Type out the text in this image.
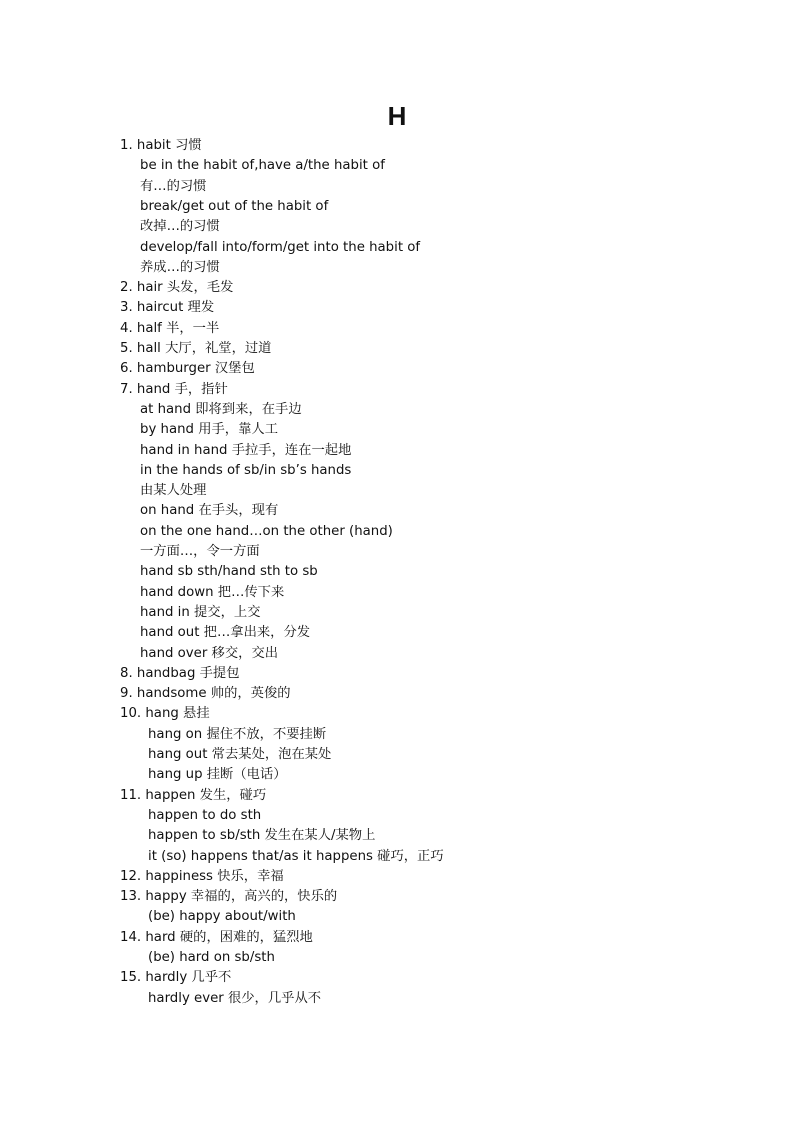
H
1. habit 习惯
be in the habit of,have a/the habit of
有…的习惯
break/get out of the habit of
改掉…的习惯
develop/fall into/form/get into the habit of
养成…的习惯
2. hair 头发，毛发
3. haircut 理发
4. half 半，一半
5. hall 大厅，礼堂，过道
6. hamburger 汉堡包
7. hand 手，指针
at hand 即将到来，在手边
by hand 用手，靠人工
hand in hand 手拉手，连在一起地
in the hands of sb/in sb’s hands
由某人处理
on hand 在手头，现有
on the one hand…on the other (hand)
一方面…，令一方面
hand sb sth/hand sth to sb
hand down 把…传下来
hand in 提交，上交
hand out 把…拿出来，分发
hand over 移交，交出
8. handbag 手提包
9. handsome 帅的，英俊的
10. hang 悬挂
hang on 握住不放，不要挂断
hang out 常去某处，泡在某处
hang up 挂断（电话）
11. happen 发生，碰巧
happen to do sth
happen to sb/sth 发生在某人/某物上
it (so) happens that/as it happens 碰巧，正巧
12. happiness 快乐，幸福
13. happy 幸福的，高兴的，快乐的
(be) happy about/with
14. hard 硬的，困难的，猛烈地
(be) hard on sb/sth
15. hardly 几乎不
hardly ever 很少，几乎从不
